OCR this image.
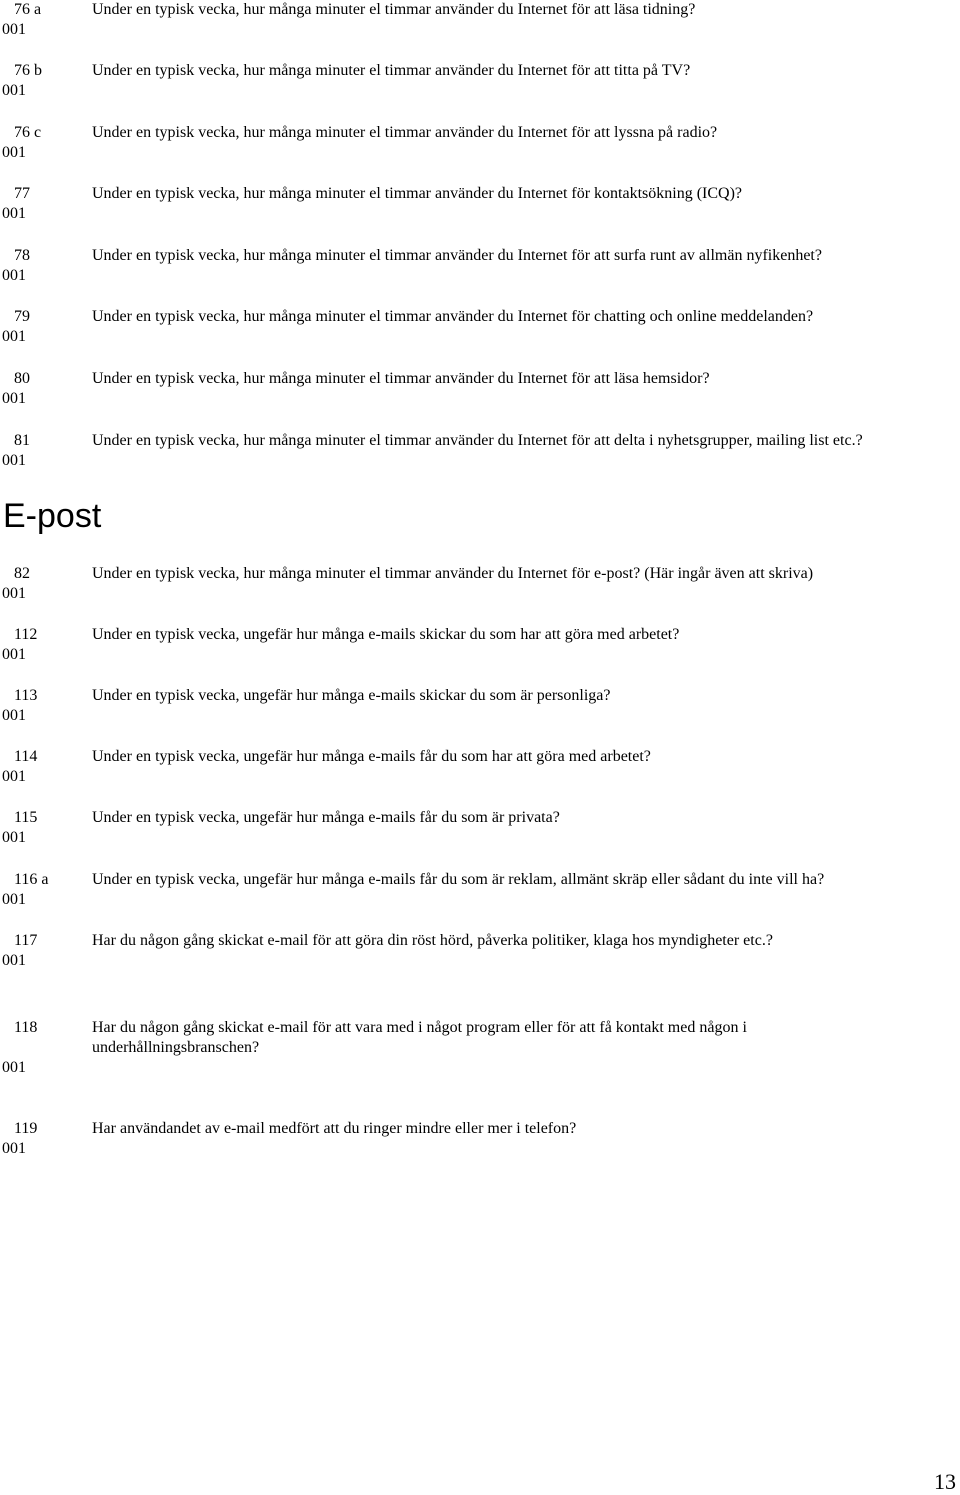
76 a
001
Under en typisk vecka, hur många minuter el timmar använder du Internet för att läsa tidning?
76 b
001
Under en typisk vecka, hur många minuter el timmar använder du Internet för att titta på TV?
76 c
001
Under en typisk vecka, hur många minuter el timmar använder du Internet för att lyssna på radio?
77
001
Under en typisk vecka, hur många minuter el timmar använder du Internet för kontaktsökning (ICQ)?
78
001
Under en typisk vecka, hur många minuter el timmar använder du Internet för att surfa runt av allmän nyfikenhet?
79
001
Under en typisk vecka, hur många minuter el timmar använder du Internet för chatting och online meddelanden?
80
001
Under en typisk vecka, hur många minuter el timmar använder du Internet för att läsa hemsidor?
81
001
Under en typisk vecka, hur många minuter el timmar använder du Internet för att delta i nyhetsgrupper, mailing list etc.?
E-post
82
001
Under en typisk vecka, hur många minuter el timmar använder du Internet för e-post? (Här ingår även att skriva)
112
001
Under en typisk vecka, ungefär hur många e-mails skickar du som har att göra med arbetet?
113
001
Under en typisk vecka, ungefär hur många e-mails skickar du som är personliga?
114
001
Under en typisk vecka, ungefär hur många e-mails får du som har att göra med arbetet?
115
001
Under en typisk vecka, ungefär hur många e-mails får du som är privata?
116 a
001
Under en typisk vecka, ungefär hur många e-mails får du som är reklam, allmänt skräp eller sådant du inte vill ha?
117
001
Har du någon gång skickat e-mail för att göra din röst hörd, påverka politiker, klaga hos myndigheter etc.?
118
001
Har du någon gång skickat e-mail för att vara med i något program eller för att få kontakt med någon i underhållningsbranschen?
119
001
Har användandet av e-mail medfört att du ringer mindre eller mer i telefon?
13
